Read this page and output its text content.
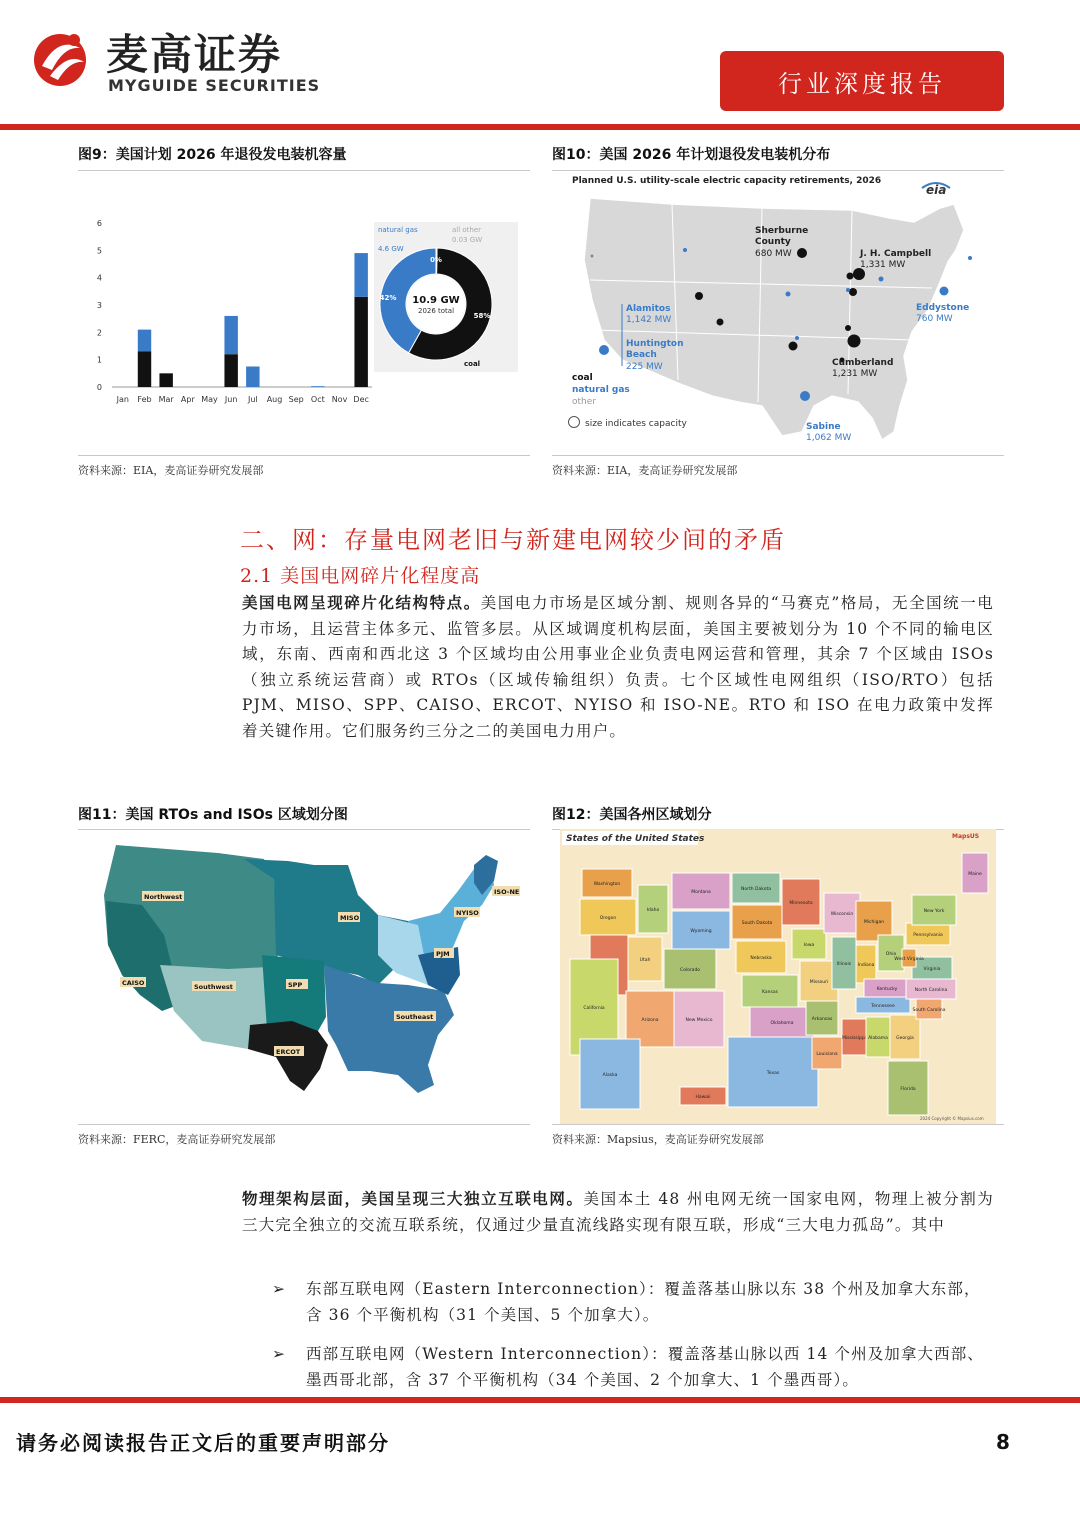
麦高证券
MYGUIDE SECURITIES	行业深度报告
图9：美国计划 2026 年退役发电装机容量
0
1
2
3
4
5
6
Jan Feb Mar Apr May Jun Jul Aug Sep Oct Nov Dec
10.9 GW
2026 total
42%
58%
0%
natural gas
4.6 GW
all other
0.03 GW
coal
资料来源：EIA，麦高证券研究发展部
图10：美国 2026 年计划退役发电装机分布
Planned U.S. utility-scale electric capacity retirements, 2026
eia
Sherburne
County
680 MW	J. H. Campbell
1,331 MW
Eddystone
760 MW
Alamitos
1,142 MW
Huntington
Beach
225 MW	Cumberland
1,231 MW
Sabine
1,062 MW
coal
natural gas
other
size indicates capacity
资料来源：EIA，麦高证券研究发展部
二、网：存量电网老旧与新建电网较少间的矛盾
2.1 美国电网碎片化程度高
美国电网呈现碎片化结构特点。美国电力市场是区域分割、规则各异的“马赛克”格局，无全国统一电力市场，且运营主体多元、监管多层。从区域调度机构层面，美国主要被划分为 10 个不同的输电区域，东南、西南和西北这 3 个区域均由公用事业企业负责电网运营和管理，其余 7 个区域由 ISOs（独立系统运营商）或 RTOs（区域传输组织）负责。七个区域性电网组织（ISO/RTO）包括 PJM、MISO、SPP、CAISO、ERCOT、NYISO 和 ISO-NE。RTO 和 ISO 在电力政策中发挥着关键作用。它们服务约三分之二的美国电力用户。
图11：美国 RTOs and ISOs 区域划分图
Northwest
MISO
NYISO
ISO-NE
PJM
CAISO	Southwest	SPP
Southeast
ERCOT
资料来源：FERC，麦高证券研究发展部
图12：美国各州区域划分
States of the United States	MapsUS
Washington
Oregon
Idaho
Montana
Wyoming
California
Utah
Colorado
Arizona	New Mexico
North Dakota
South Dakota
Nebraska
Kansas
Oklahoma
Texas
Minnesota
Iowa
Missouri
Arkansas
Louisiana
Wisconsin
Illinois
Michigan
Indiana
Ohio
Kentucky
Tennessee
Mississippi Alabama Georgia
Florida
South Carolina
North Carolina
Virginia
West Virginia
Pennsylvania
New York
Maine
Alaska
Hawaii
2024 Copyright © Mapsius.com
资料来源：Mapsius，麦高证券研究发展部
物理架构层面，美国呈现三大独立互联电网。美国本土 48 州电网无统一国家电网，物理上被分割为三大完全独立的交流互联系统，仅通过少量直流线路实现有限互联，形成“三大电力孤岛”。其中
➢ 东部互联电网（Eastern Interconnection）：覆盖落基山脉以东 38 个州及加拿大东部，含 36 个平衡机构（31 个美国、5 个加拿大）。
➢ 西部互联电网（Western Interconnection）：覆盖落基山脉以西 14 个州及加拿大西部、墨西哥北部，含 37 个平衡机构（34 个美国、2 个加拿大、1 个墨西哥）。
请务必阅读报告正文后的重要声明部分	8
